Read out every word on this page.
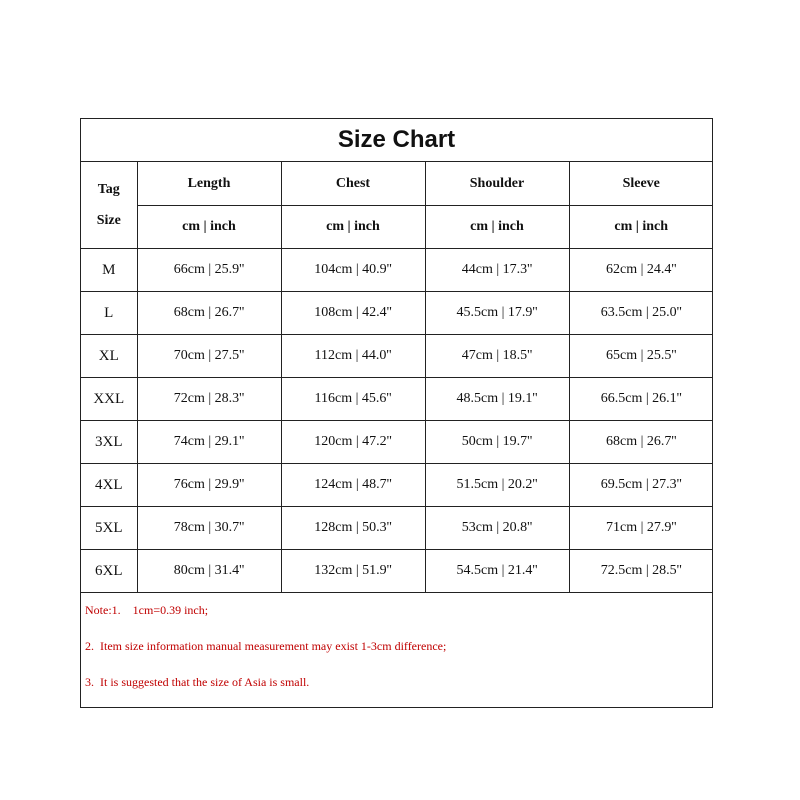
Size Chart
Tag
Size	Length	Chest	Shoulder	Sleeve
	cm | inch	cm | inch	cm | inch	cm | inch
M	66cm | 25.9''	104cm | 40.9''	44cm | 17.3''	62cm | 24.4''
L	68cm | 26.7''	108cm | 42.4''	45.5cm | 17.9''	63.5cm | 25.0''
XL	70cm | 27.5''	112cm | 44.0''	47cm | 18.5''	65cm | 25.5''
XXL	72cm | 28.3''	116cm | 45.6''	48.5cm | 19.1''	66.5cm | 26.1''
3XL	74cm | 29.1''	120cm | 47.2''	50cm | 19.7''	68cm | 26.7''
4XL	76cm | 29.9''	124cm | 48.7''	51.5cm | 20.2''	69.5cm | 27.3''
5XL	78cm | 30.7''	128cm | 50.3''	53cm | 20.8''	71cm | 27.9''
6XL	80cm | 31.4''	132cm | 51.9''	54.5cm | 21.4''	72.5cm | 28.5''
Note:1.    1cm=0.39 inch;
2.  Item size information manual measurement may exist 1-3cm difference;
3.  It is suggested that the size of Asia is small.
